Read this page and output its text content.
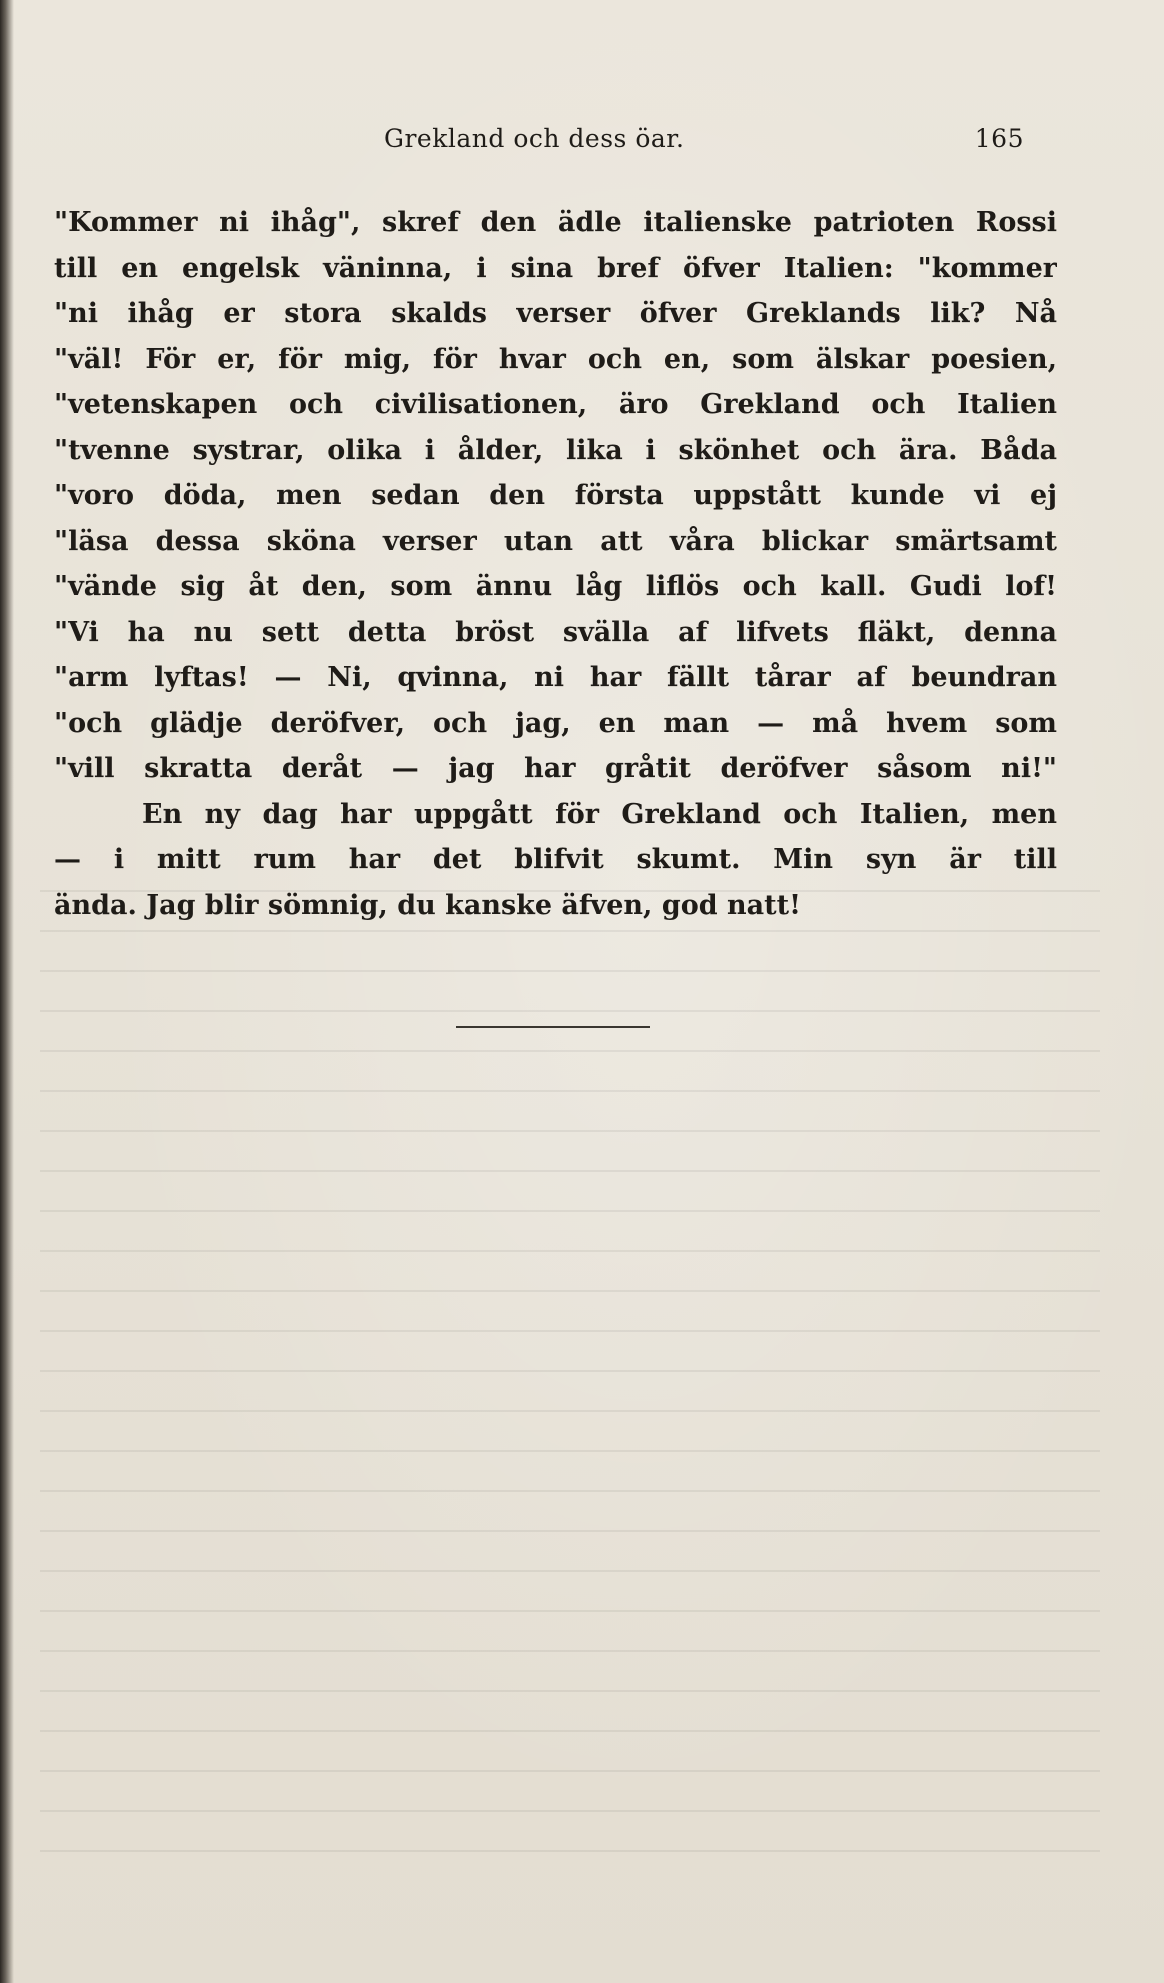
Grekland och dess öar.	165
"Kommer ni ihåg", skref den ädle italienske patrioten Rossi
till en engelsk väninna, i sina bref öfver Italien: "kommer
"ni ihåg er stora skalds verser öfver Greklands lik? Nå
"väl! För er, för mig, för hvar och en, som älskar poesien,
"vetenskapen och civilisationen, äro Grekland och Italien
"tvenne systrar, olika i ålder, lika i skönhet och ära. Båda
"voro döda, men sedan den första uppstått kunde vi ej
"läsa dessa sköna verser utan att våra blickar smärtsamt
"vände sig åt den, som ännu låg liflös och kall. Gudi lof!
"Vi ha nu sett detta bröst svälla af lifvets fläkt, denna
"arm lyftas! — Ni, qvinna, ni har fällt tårar af beundran
"och glädje deröfver, och jag, en man — må hvem som
"vill skratta deråt — jag har gråtit deröfver såsom ni!"
En ny dag har uppgått för Grekland och Italien, men
— i mitt rum har det blifvit skumt. Min syn är till
ända. Jag blir sömnig, du kanske äfven, god natt!
